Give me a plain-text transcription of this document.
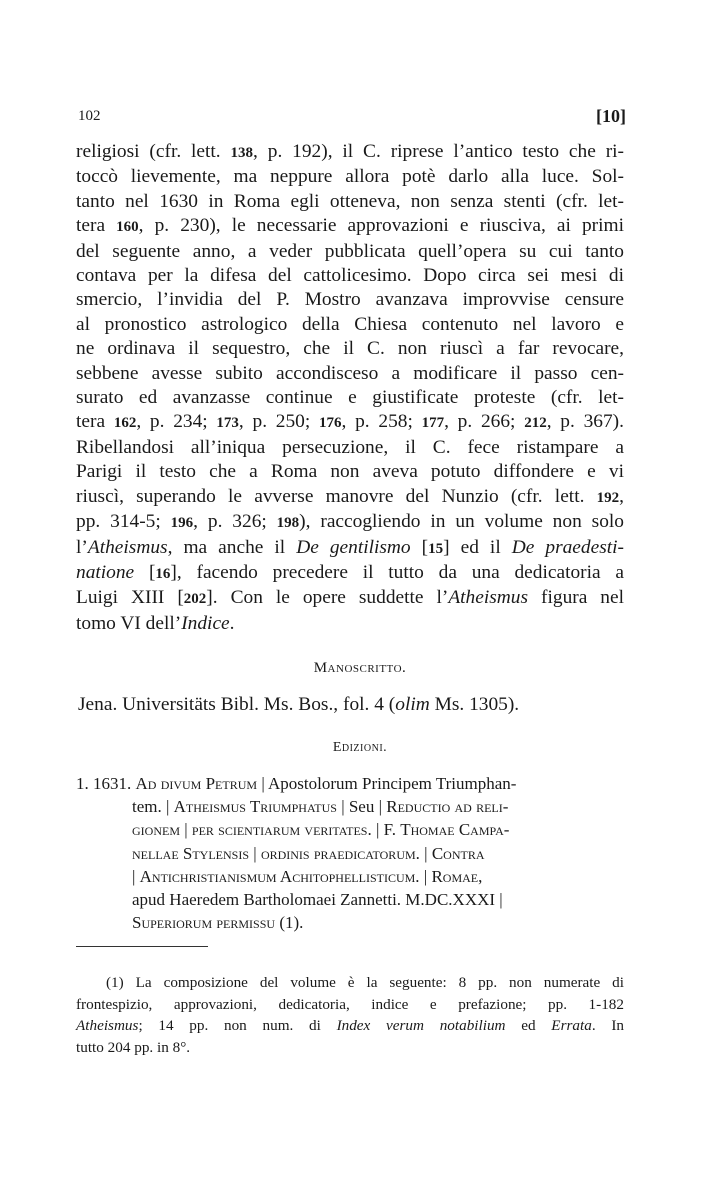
102	[10]
religiosi (cfr. lett. 138, p. 192), il C. riprese l’antico testo che ri-
toccò lievemente, ma neppure allora potè darlo alla luce. Sol-
tanto nel 1630 in Roma egli otteneva, non senza stenti (cfr. let-
tera 160, p. 230), le necessarie approvazioni e riusciva, ai primi
del seguente anno, a veder pubblicata quell’opera su cui tanto
contava per la difesa del cattolicesimo. Dopo circa sei mesi di
smercio, l’invidia del P. Mostro avanzava improvvise censure
al pronostico astrologico della Chiesa contenuto nel lavoro e
ne ordinava il sequestro, che il C. non riuscì a far revocare,
sebbene avesse subito accondisceso a modificare il passo cen-
surato ed avanzasse continue e giustificate proteste (cfr. let-
tera 162, p. 234; 173, p. 250; 176, p. 258; 177, p. 266; 212, p. 367).
Ribellandosi all’iniqua persecuzione, il C. fece ristampare a
Parigi il testo che a Roma non aveva potuto diffondere e vi
riuscì, superando le avverse manovre del Nunzio (cfr. lett. 192,
pp. 314-5; 196, p. 326; 198), raccogliendo in un volume non solo
l’Atheismus, ma anche il De gentilismo [15] ed il De praedesti-
natione [16], facendo precedere il tutto da una dedicatoria a
Luigi XIII [202]. Con le opere suddette l’Atheismus figura nel
tomo VI dell’Indice.
Manoscritto.
Jena. Universitäts Bibl. Ms. Bos., fol. 4 (olim Ms. 1305).
Edizioni.
1. 1631. Ad divum Petrum | Apostolorum Principem Triumphan-
tem. | Atheismus Triumphatus | Seu | Reductio ad reli-
gionem | per scientiarum veritates. | F. Thomae Campa-
nellae Stylensis | ordinis praedicatorum. | Contra
| Antichristianismum Achitophellisticum. | Romae,
apud Haeredem Bartholomaei Zannetti. M.DC.XXXI |
Superiorum permissu (1).
(1) La composizione del volume è la seguente: 8 pp. non numerate di
frontespizio, approvazioni, dedicatoria, indice e prefazione; pp. 1-182
Atheismus; 14 pp. non num. di Index verum notabilium ed Errata. In
tutto 204 pp. in 8°.
